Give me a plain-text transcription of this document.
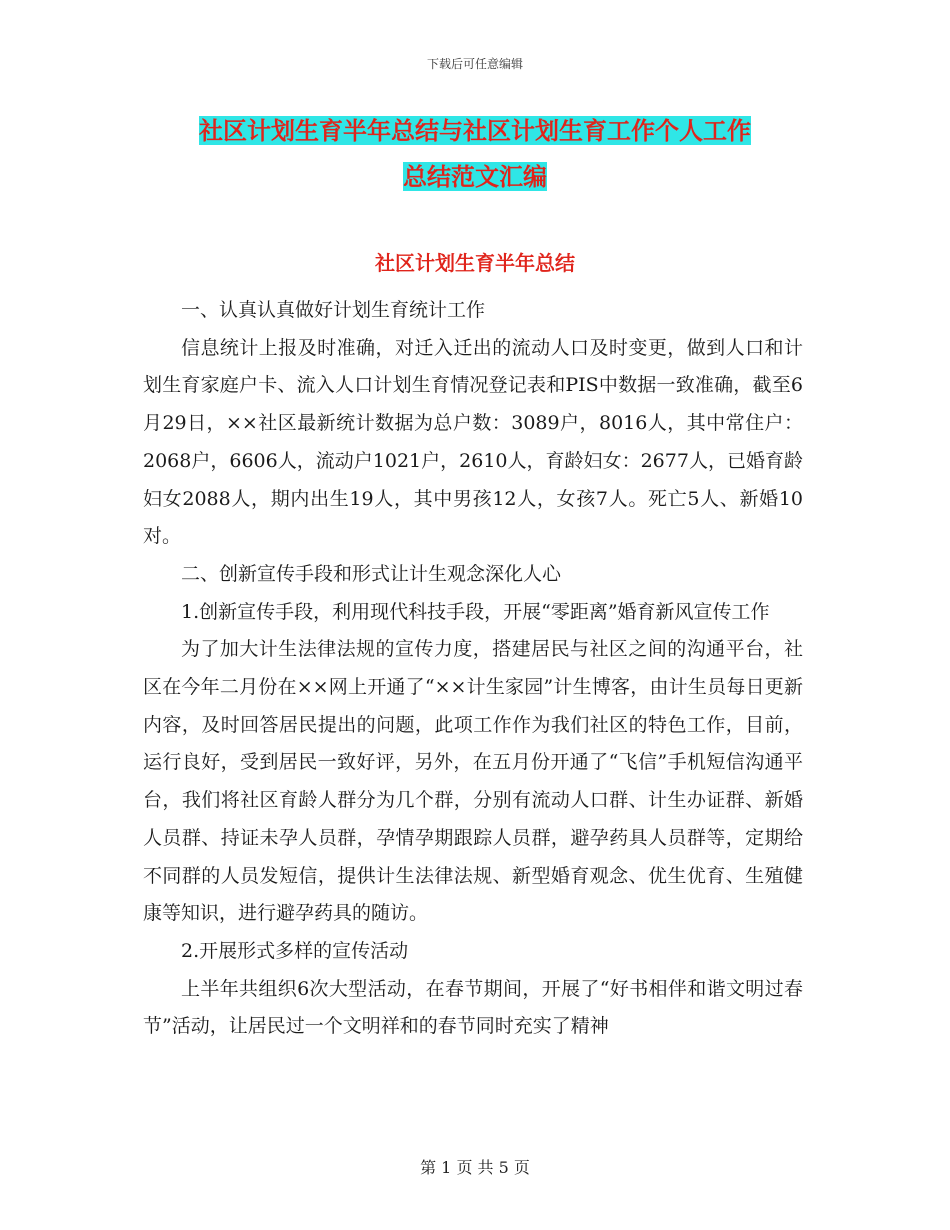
下载后可任意编辑
社区计划生育半年总结与社区计划生育工作个人工作
总结范文汇编
社区计划生育半年总结

一、认真认真做好计划生育统计工作

信息统计上报及时准确，对迁入迁出的流动人口及时变更，做到人口和计划生育家庭户卡、流入人口计划生育情况登记表和PIS中数据一致准确，截至6月29日，××社区最新统计数据为总户数：3089户，8016人，其中常住户：2068户，6606人，流动户1021户，2610人，育龄妇女：2677人，已婚育龄妇女2088人，期内出生19人，其中男孩12人，女孩7人。死亡5人、新婚10对。

二、创新宣传手段和形式让计生观念深化人心

1.创新宣传手段，利用现代科技手段，开展“零距离”婚育新风宣传工作

为了加大计生法律法规的宣传力度，搭建居民与社区之间的沟通平台，社区在今年二月份在××网上开通了“××计生家园”计生博客，由计生员每日更新内容，及时回答居民提出的问题，此项工作作为我们社区的特色工作，目前，运行良好，受到居民一致好评，另外，在五月份开通了“飞信”手机短信沟通平台，我们将社区育龄人群分为几个群，分别有流动人口群、计生办证群、新婚人员群、持证未孕人员群，孕情孕期跟踪人员群，避孕药具人员群等，定期给不同群的人员发短信，提供计生法律法规、新型婚育观念、优生优育、生殖健康等知识，进行避孕药具的随访。

2.开展形式多样的宣传活动

上半年共组织6次大型活动，在春节期间，开展了“好书相伴和谐文明过春节”活动，让居民过一个文明祥和的春节同时充实了精神

第 1 页 共 5 页
